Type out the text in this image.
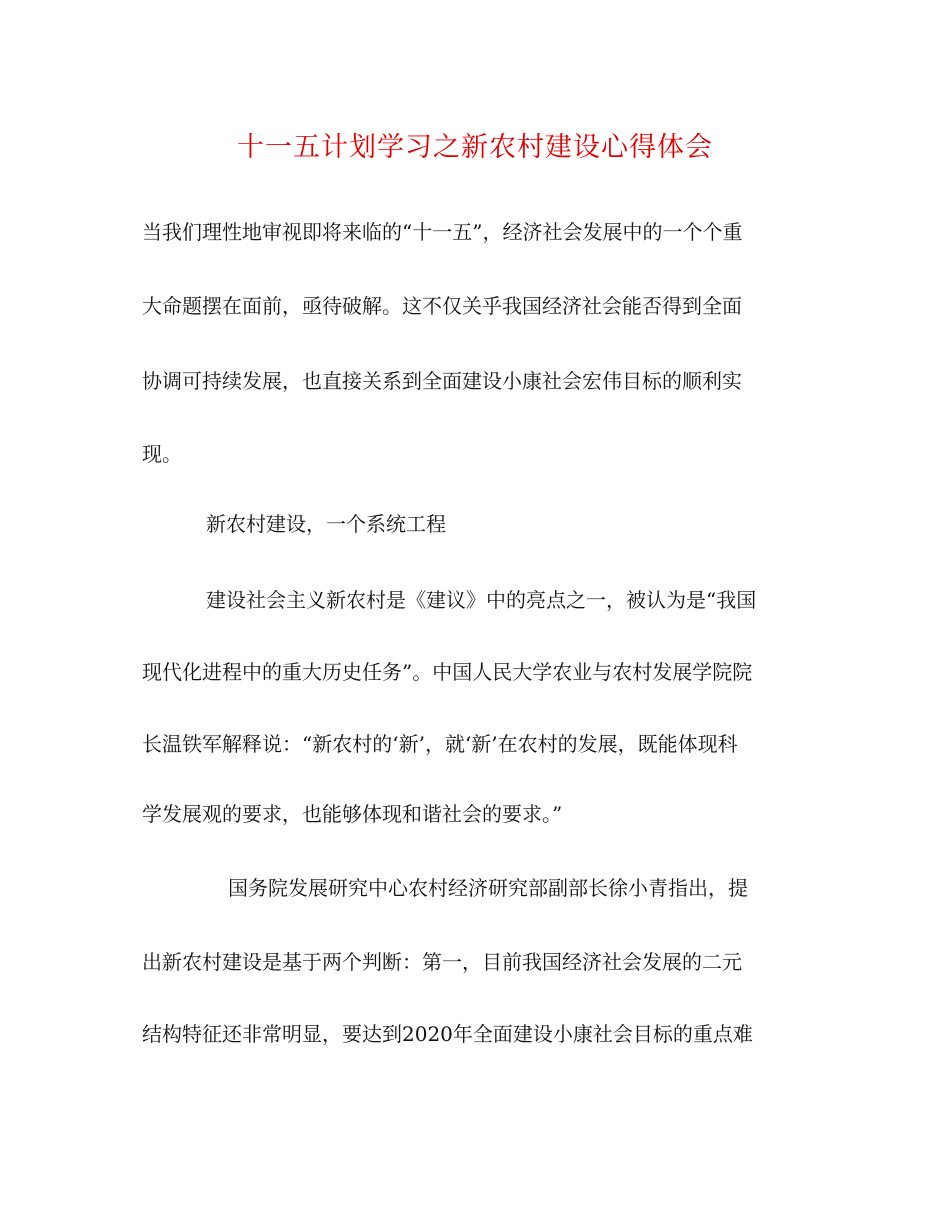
十一五计划学习之新农村建设心得体会
当我们理性地审视即将来临的“十一五”，经济社会发展中的一个个重
大命题摆在面前，亟待破解。这不仅关乎我国经济社会能否得到全面
协调可持续发展，也直接关系到全面建设小康社会宏伟目标的顺利实
现。
新农村建设，一个系统工程
建设社会主义新农村是《建议》中的亮点之一，被认为是“我国
现代化进程中的重大历史任务”。中国人民大学农业与农村发展学院院
长温铁军解释说：“新农村的‘新’，就‘新’在农村的发展，既能体现科
学发展观的要求，也能够体现和谐社会的要求。”
国务院发展研究中心农村经济研究部副部长徐小青指出，提
出新农村建设是基于两个判断：第一，目前我国经济社会发展的二元
结构特征还非常明显，要达到2020年全面建设小康社会目标的重点难
